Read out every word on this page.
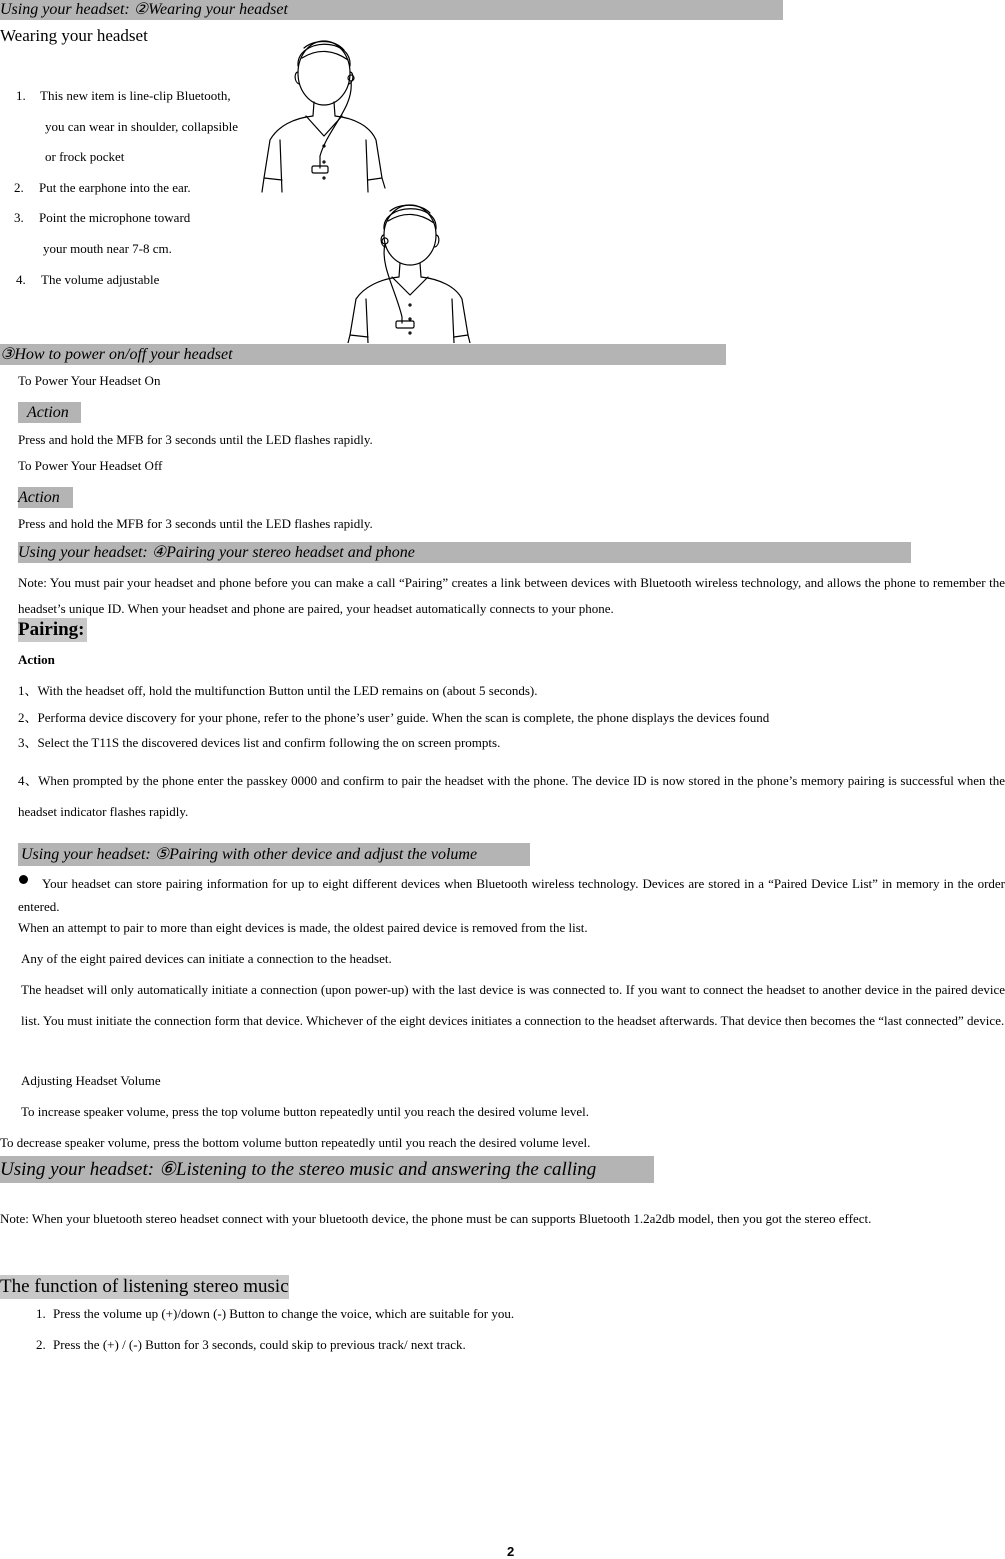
Using your headset: ②Wearing your headset
Wearing your headset
1. This new item is line-clip Bluetooth,
you can wear in shoulder, collapsible
or frock pocket
2. Put the earphone into the ear.
3. Point the microphone toward
your mouth near 7-8 cm.
4. The volume adjustable
③How to power on/off your headset
To Power Your Headset On
Action
Press and hold the MFB for 3 seconds until the LED flashes rapidly.
To Power Your Headset Off
Action
Press and hold the MFB for 3 seconds until the LED flashes rapidly.
Using your headset: ④Pairing your stereo headset and phone
Note: You must pair your headset and phone before you can make a call “Pairing” creates a link between devices with Bluetooth wireless technology, and allows the phone to remember the headset’s unique ID. When your headset and phone are paired, your headset automatically connects to your phone.
Pairing:
Action
1、With the headset off, hold the multifunction Button until the LED remains on (about 5 seconds).
2、Performa device discovery for your phone, refer to the phone’s user’ guide. When the scan is complete, the phone displays the devices found
3、Select the T11S the discovered devices list and confirm following the on screen prompts.
4、When prompted by the phone enter the passkey 0000 and confirm to pair the headset with the phone. The device ID is now stored in the phone’s memory pairing is successful when the headset indicator flashes rapidly.
Using your headset: ⑤Pairing with other device and adjust the volume
Your headset can store pairing information for up to eight different devices when Bluetooth wireless technology. Devices are stored in a “Paired Device List” in memory in the order entered.
When an attempt to pair to more than eight devices is made, the oldest paired device is removed from the list.
Any of the eight paired devices can initiate a connection to the headset.
The headset will only automatically initiate a connection (upon power-up) with the last device is was connected to. If you want to connect the headset to another device in the paired device list. You must initiate the connection form that device. Whichever of the eight devices initiates a connection to the headset afterwards. That device then becomes the “last connected” device.
Adjusting Headset Volume
To increase speaker volume, press the top volume button repeatedly until you reach the desired volume level.
To decrease speaker volume, press the bottom volume button repeatedly until you reach the desired volume level.
Using your headset: ⑥Listening to the stereo music and answering the calling
Note: When your bluetooth stereo headset connect with your bluetooth device, the phone must be can supports Bluetooth 1.2a2db model, then you got the stereo effect.
The function of listening stereo music
1. Press the volume up (+)/down (-) Button to change the voice, which are suitable for you.
2. Press the (+) / (-) Button for 3 seconds, could skip to previous track/ next track.
2
